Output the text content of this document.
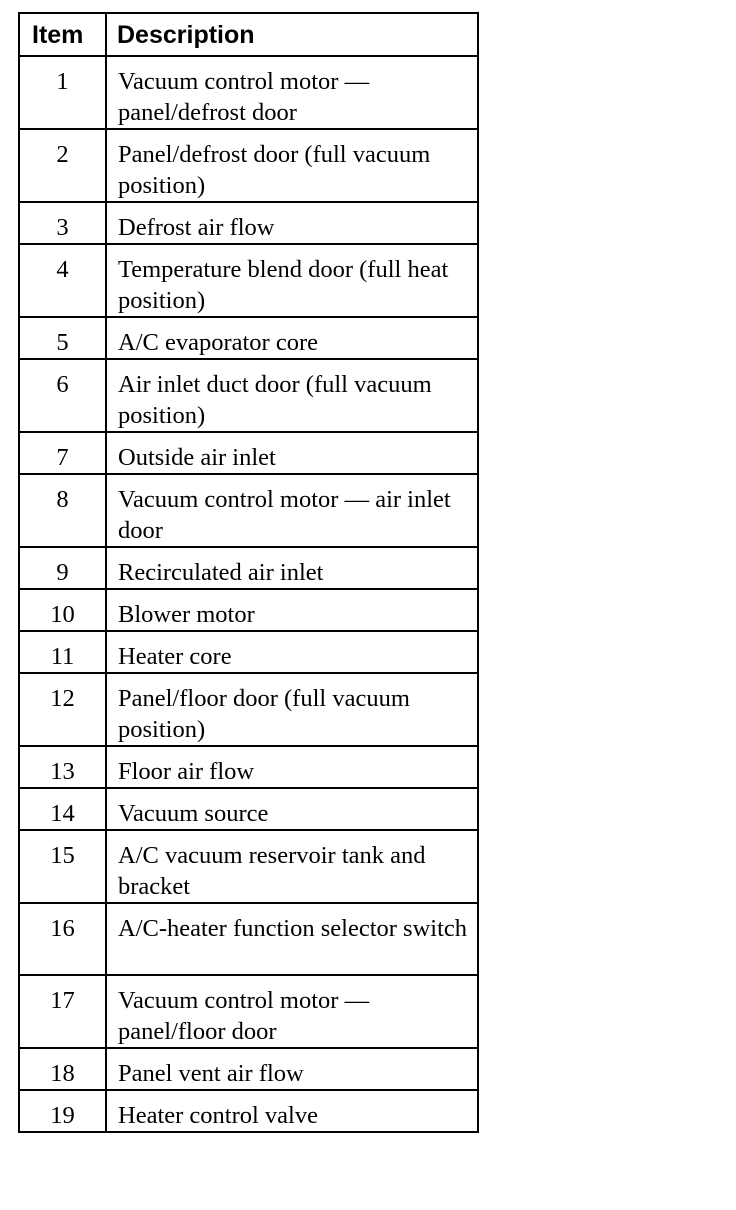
Item	Description
1	Vacuum control motor — panel/defrost door
2	Panel/defrost door (full vacuum position)
3	Defrost air flow
4	Temperature blend door (full heat position)
5	A/C evaporator core
6	Air inlet duct door (full vacuum position)
7	Outside air inlet
8	Vacuum control motor — air inlet door
9	Recirculated air inlet
10	Blower motor
11	Heater core
12	Panel/floor door (full vacuum position)
13	Floor air flow
14	Vacuum source
15	A/C vacuum reservoir tank and bracket
16	A/C-heater function selector switch
17	Vacuum control motor — panel/floor door
18	Panel vent air flow
19	Heater control valve
